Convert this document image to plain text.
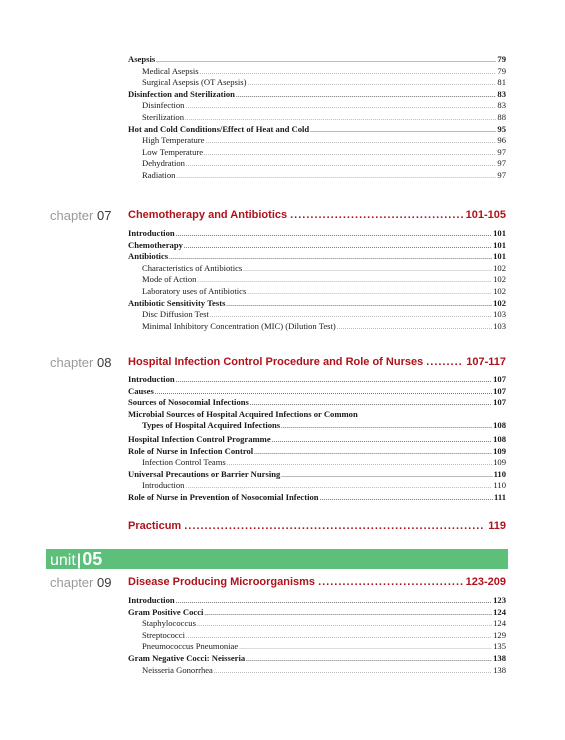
Asepsis .....	79
Medical Asepsis .....	79
Surgical Asepsis (OT Asepsis) .....	81
Disinfection and Sterilization .....	83
Disinfection .....	83
Sterilization .....	88
Hot and Cold Conditions/Effect of Heat and Cold .....	95
High Temperature .....	96
Low Temperature .....	97
Dehydration .....	97
Radiation .....	97
chapter 07 Chemotherapy and Antibiotics .....	101-105
Introduction .....	101
Chemotherapy .....	101
Antibiotics .....	101
Characteristics of Antibiotics .....	102
Mode of Action .....	102
Laboratory uses of Antibiotics .....	102
Antibiotic Sensitivity Tests .....	102
Disc Diffusion Test .....	103
Minimal Inhibitory Concentration (MIC) (Dilution Test) .....	103
chapter 08 Hospital Infection Control Procedure and Role of Nurses .....	107-117
Introduction .....	107
Causes .....	107
Sources of Nosocomial Infections .....	107
Microbial Sources of Hospital Acquired Infections or Common
Types of Hospital Acquired Infections .....	108
Hospital Infection Control Programme .....	108
Role of Nurse in Infection Control .....	109
Infection Control Teams .....	109
Universal Precautions or Barrier Nursing .....	110
Introduction .....	110
Role of Nurse in Prevention of Nosocomial Infection .....	111
Practicum .....	119
unit|05
chapter 09 Disease Producing Microorganisms .....	123-209
Introduction .....	123
Gram Positive Cocci .....	124
Staphylococcus .....	124
Streptococci .....	129
Pneumococcus Pneumoniae .....	135
Gram Negative Cocci: Neisseria .....	138
Neisseria Gonorrhea .....	138
